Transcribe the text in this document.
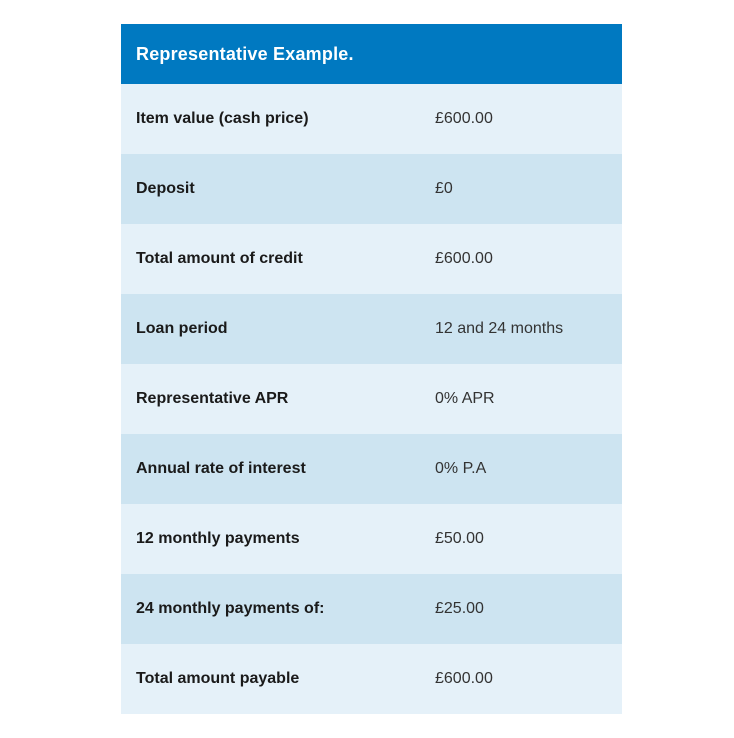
Representative Example.
Item value (cash price)	£600.00
Deposit	£0
Total amount of credit	£600.00
Loan period	12 and 24 months
Representative APR	0% APR
Annual rate of interest	0% P.A
12 monthly payments	£50.00
24 monthly payments of:	£25.00
Total amount payable	£600.00
